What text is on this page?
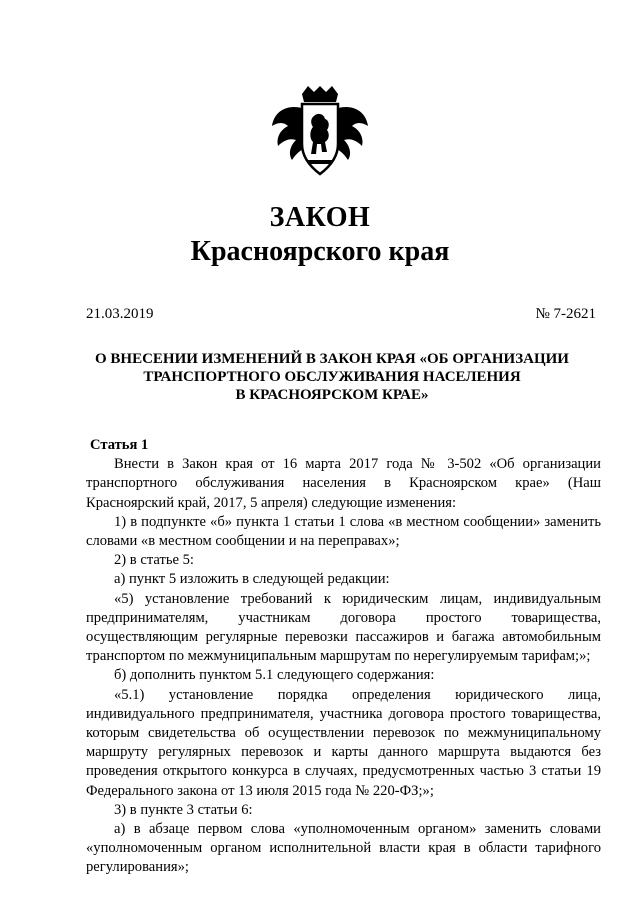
ЗАКОН
Красноярского края
21.03.2019	№ 7-2621
О ВНЕСЕНИИ ИЗМЕНЕНИЙ В ЗАКОН КРАЯ «ОБ ОРГАНИЗАЦИИ
ТРАНСПОРТНОГО ОБСЛУЖИВАНИЯ НАСЕЛЕНИЯ
В КРАСНОЯРСКОМ КРАЕ»

Статья 1

Внести в Закон края от 16 марта 2017 года № 3-502 «Об организации транспортного обслуживания населения в Красноярском крае» (Наш Красноярский край, 2017, 5 апреля) следующие изменения:

1) в подпункте «б» пункта 1 статьи 1 слова «в местном сообщении» заменить словами «в местном сообщении и на переправах»;

2) в статье 5:

а) пункт 5 изложить в следующей редакции:

«5) установление требований к юридическим лицам, индивидуальным предпринимателям, участникам договора простого товарищества, осуществляющим регулярные перевозки пассажиров и багажа автомобильным транспортом по межмуниципальным маршрутам по нерегулируемым тарифам;»;

б) дополнить пунктом 5.1 следующего содержания:

«5.1) установление порядка определения юридического лица, индивидуального предпринимателя, участника договора простого товарищества, которым свидетельства об осуществлении перевозок по межмуниципальному маршруту регулярных перевозок и карты данного маршрута выдаются без проведения открытого конкурса в случаях, предусмотренных частью 3 статьи 19 Федерального закона от 13 июля 2015 года № 220-ФЗ;»;

3) в пункте 3 статьи 6:

а) в абзаце первом слова «уполномоченным органом» заменить словами «уполномоченным органом исполнительной власти края в области тарифного регулирования»;
